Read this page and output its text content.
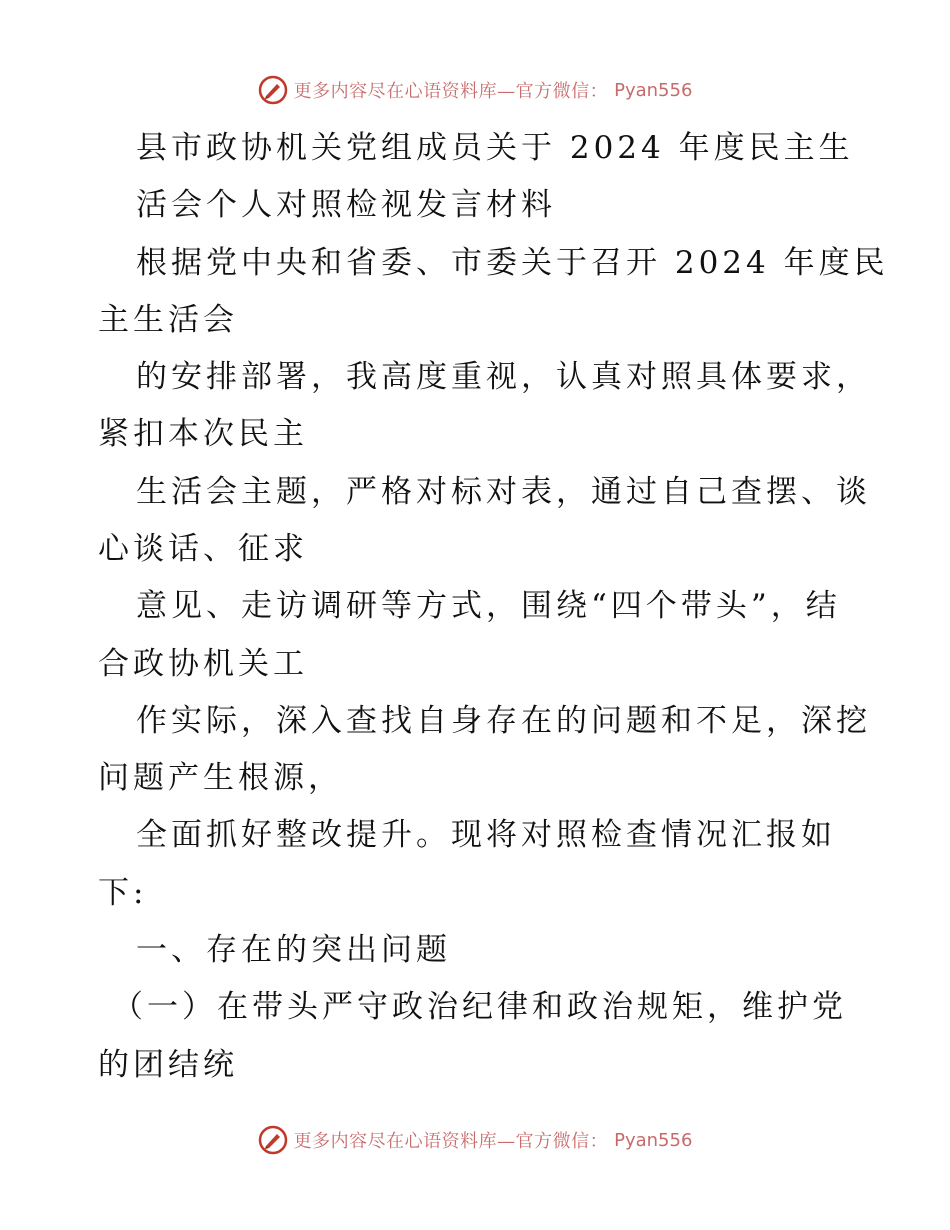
更多内容尽在心语资料库—官方微信： Pyan556
县市政协机关党组成员关于 2024 年度民主生
活会个人对照检视发言材料
根据党中央和省委、市委关于召开 2024 年度民
主生活会
的安排部署，我高度重视，认真对照具体要求，
紧扣本次民主
生活会主题，严格对标对表，通过自己查摆、谈
心谈话、征求
意见、走访调研等方式，围绕“四个带头”，结
合政协机关工
作实际，深入查找自身存在的问题和不足，深挖
问题产生根源，
全面抓好整改提升。现将对照检查情况汇报如
下:
一、存在的突出问题
（一）在带头严守政治纪律和政治规矩，维护党
的团结统
更多内容尽在心语资料库—官方微信： Pyan556
